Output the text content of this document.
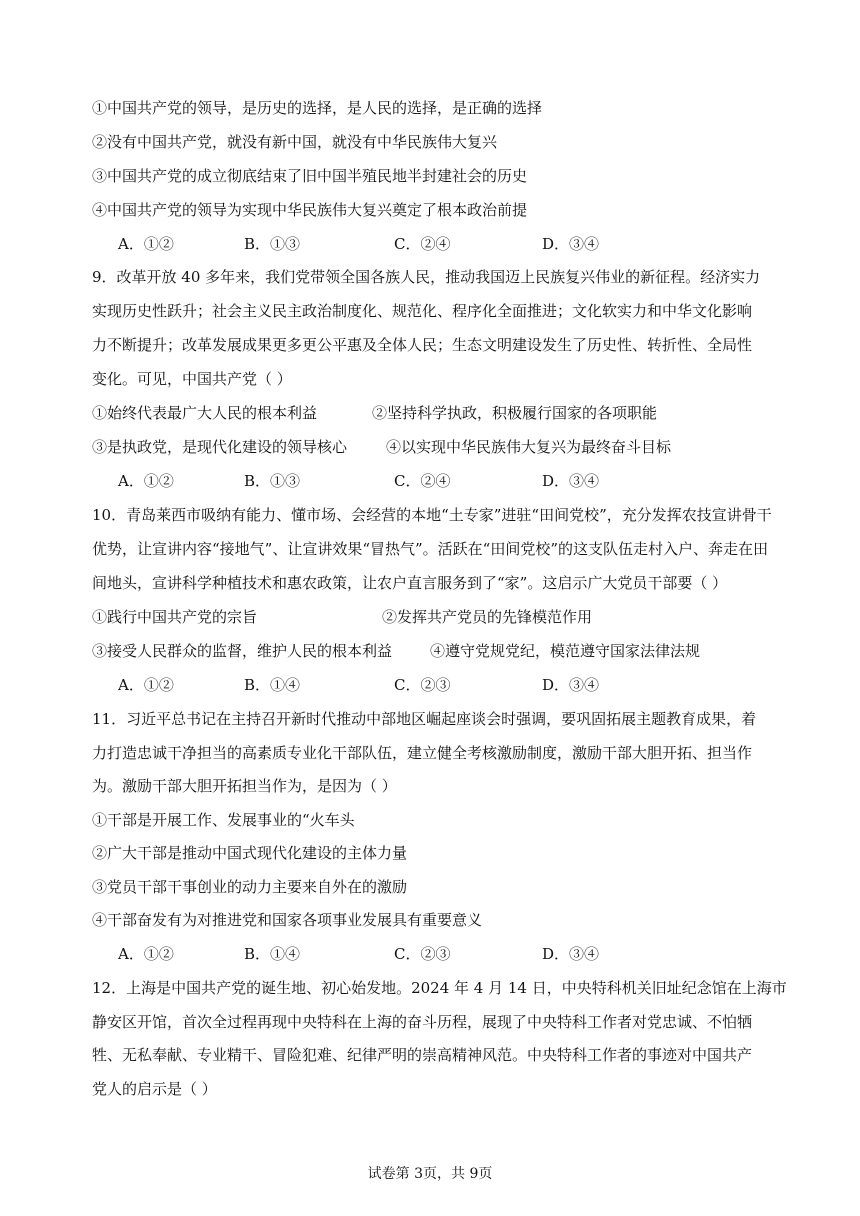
①中国共产党的领导，是历史的选择，是人民的选择，是正确的选择
②没有中国共产党，就没有新中国，就没有中华民族伟大复兴
③中国共产党的成立彻底结束了旧中国半殖民地半封建社会的历史
④中国共产党的领导为实现中华民族伟大复兴奠定了根本政治前提
A．①②	B．①③	C．②④	D．③④
9．改革开放 40 多年来，我们党带领全国各族人民，推动我国迈上民族复兴伟业的新征程。经济实力
实现历史性跃升；社会主义民主政治制度化、规范化、程序化全面推进；文化软实力和中华文化影响
力不断提升；改革发展成果更多更公平惠及全体人民；生态文明建设发生了历史性、转折性、全局性
变化。可见，中国共产党（ ）
①始终代表最广大人民的根本利益	②坚持科学执政，积极履行国家的各项职能
③是执政党，是现代化建设的领导核心	④以实现中华民族伟大复兴为最终奋斗目标
A．①②	B．①③	C．②④	D．③④
10．青岛莱西市吸纳有能力、懂市场、会经营的本地“土专家”进驻“田间党校”，充分发挥农技宣讲骨干
优势，让宣讲内容“接地气”、让宣讲效果“冒热气”。活跃在“田间党校”的这支队伍走村入户、奔走在田
间地头，宣讲科学种植技术和惠农政策，让农户直言服务到了“家”。这启示广大党员干部要（ ）
①践行中国共产党的宗旨	②发挥共产党员的先锋模范作用
③接受人民群众的监督，维护人民的根本利益	④遵守党规党纪，模范遵守国家法律法规
A．①②	B．①④	C．②③	D．③④
11．习近平总书记在主持召开新时代推动中部地区崛起座谈会时强调，要巩固拓展主题教育成果，着
力打造忠诚干净担当的高素质专业化干部队伍，建立健全考核激励制度，激励干部大胆开拓、担当作
为。激励干部大胆开拓担当作为，是因为（ ）
①干部是开展工作、发展事业的“火车头
②广大干部是推动中国式现代化建设的主体力量
③党员干部干事创业的动力主要来自外在的激励
④干部奋发有为对推进党和国家各项事业发展具有重要意义
A．①②	B．①④	C．②③	D．③④
12．上海是中国共产党的诞生地、初心始发地。2024 年 4 月 14 日，中央特科机关旧址纪念馆在上海市
静安区开馆，首次全过程再现中央特科在上海的奋斗历程，展现了中央特科工作者对党忠诚、不怕牺
牲、无私奉献、专业精干、冒险犯难、纪律严明的崇高精神风范。中央特科工作者的事迹对中国共产
党人的启示是（ ）
试卷第 3页，共 9页
